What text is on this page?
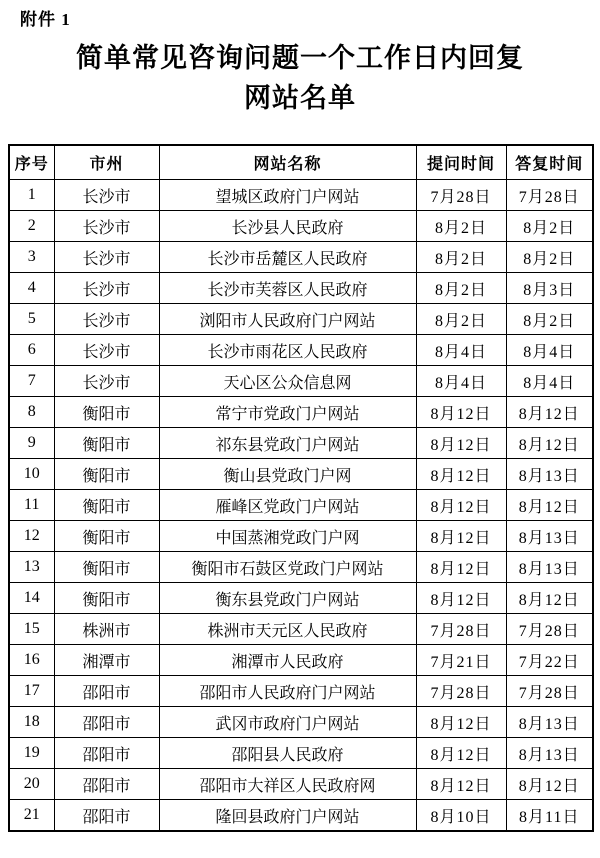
附件 1
简单常见咨询问题一个工作日内回复
网站名单
序号	市州	网站名称	提问时间	答复时间
1	长沙市	望城区政府门户网站	7月28日	7月28日
2	长沙市	长沙县人民政府	8月2日	8月2日
3	长沙市	长沙市岳麓区人民政府	8月2日	8月2日
4	长沙市	长沙市芙蓉区人民政府	8月2日	8月3日
5	长沙市	浏阳市人民政府门户网站	8月2日	8月2日
6	长沙市	长沙市雨花区人民政府	8月4日	8月4日
7	长沙市	天心区公众信息网	8月4日	8月4日
8	衡阳市	常宁市党政门户网站	8月12日	8月12日
9	衡阳市	祁东县党政门户网站	8月12日	8月12日
10	衡阳市	衡山县党政门户网	8月12日	8月13日
11	衡阳市	雁峰区党政门户网站	8月12日	8月12日
12	衡阳市	中国蒸湘党政门户网	8月12日	8月13日
13	衡阳市	衡阳市石鼓区党政门户网站	8月12日	8月13日
14	衡阳市	衡东县党政门户网站	8月12日	8月12日
15	株洲市	株洲市天元区人民政府	7月28日	7月28日
16	湘潭市	湘潭市人民政府	7月21日	7月22日
17	邵阳市	邵阳市人民政府门户网站	7月28日	7月28日
18	邵阳市	武冈市政府门户网站	8月12日	8月13日
19	邵阳市	邵阳县人民政府	8月12日	8月13日
20	邵阳市	邵阳市大祥区人民政府网	8月12日	8月12日
21	邵阳市	隆回县政府门户网站	8月10日	8月11日
